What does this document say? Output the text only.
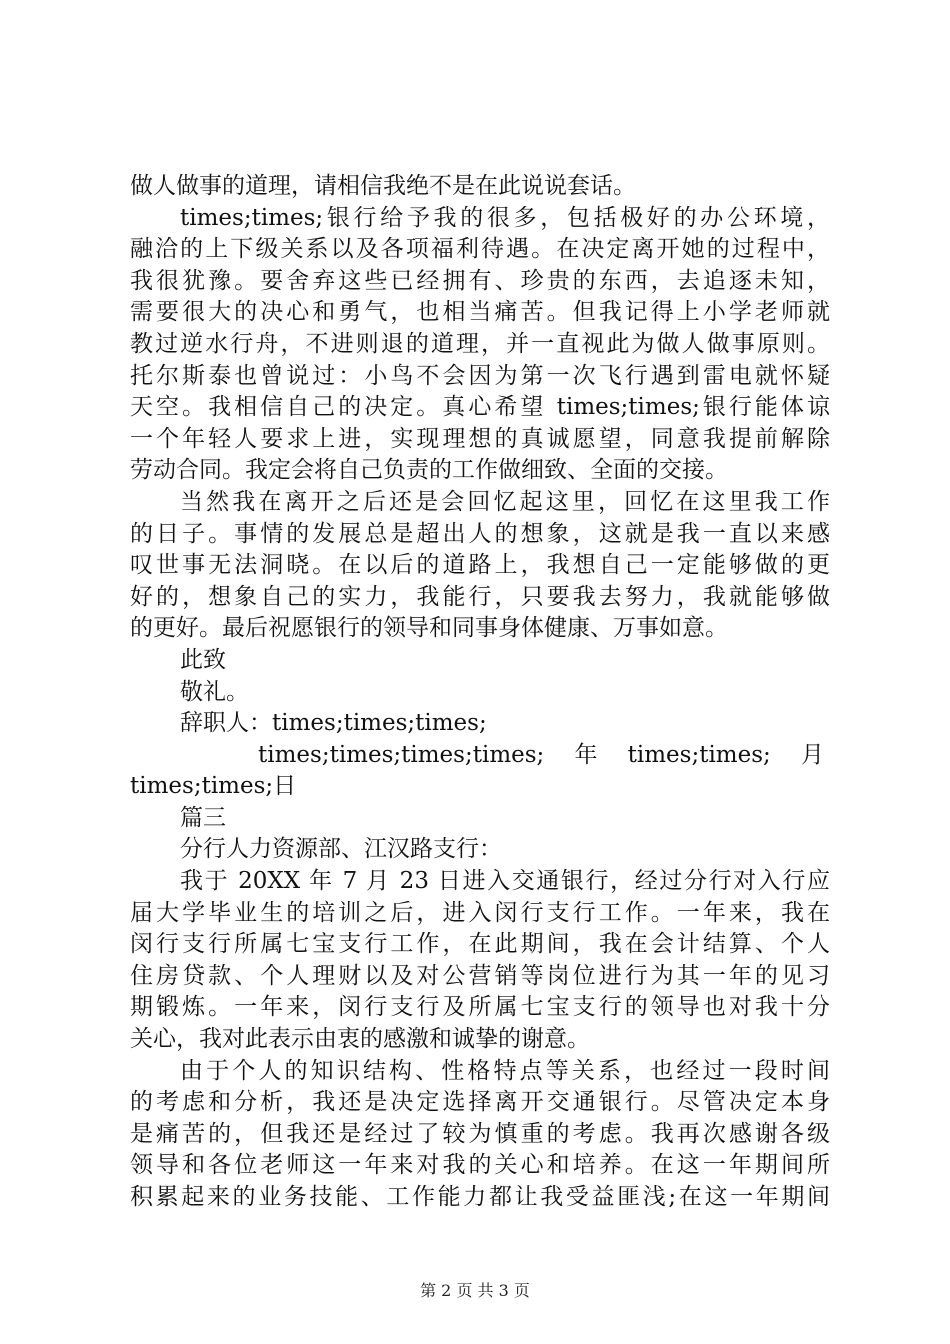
做人做事的道理，请相信我绝不是在此说说套话。
times;times;银行给予我的很多，包括极好的办公环境，
融洽的上下级关系以及各项福利待遇。在决定离开她的过程中，
我很犹豫。要舍弃这些已经拥有、珍贵的东西，去追逐未知，
需要很大的决心和勇气，也相当痛苦。但我记得上小学老师就
教过逆水行舟，不进则退的道理，并一直视此为做人做事原则。
托尔斯泰也曾说过：小鸟不会因为第一次飞行遇到雷电就怀疑
天空。我相信自己的决定。真心希望 times;times;银行能体谅
一个年轻人要求上进，实现理想的真诚愿望，同意我提前解除
劳动合同。我定会将自己负责的工作做细致、全面的交接。
当然我在离开之后还是会回忆起这里，回忆在这里我工作
的日子。事情的发展总是超出人的想象，这就是我一直以来感
叹世事无法洞晓。在以后的道路上，我想自己一定能够做的更
好的，想象自己的实力，我能行，只要我去努力，我就能够做
的更好。最后祝愿银行的领导和同事身体健康、万事如意。
此致
敬礼。
辞职人：times;times;times;
times;times;times;times; 年 times;times; 月
times;times;日
篇三
分行人力资源部、江汉路支行：
我于 20XX 年 7 月 23 日进入交通银行，经过分行对入行应
届大学毕业生的培训之后，进入闵行支行工作。一年来，我在
闵行支行所属七宝支行工作，在此期间，我在会计结算、个人
住房贷款、个人理财以及对公营销等岗位进行为其一年的见习
期锻炼。一年来，闵行支行及所属七宝支行的领导也对我十分
关心，我对此表示由衷的感激和诚挚的谢意。
由于个人的知识结构、性格特点等关系，也经过一段时间
的考虑和分析，我还是决定选择离开交通银行。尽管决定本身
是痛苦的，但我还是经过了较为慎重的考虑。我再次感谢各级
领导和各位老师这一年来对我的关心和培养。在这一年期间所
积累起来的业务技能、工作能力都让我受益匪浅;在这一年期间
第 2 页 共 3 页
